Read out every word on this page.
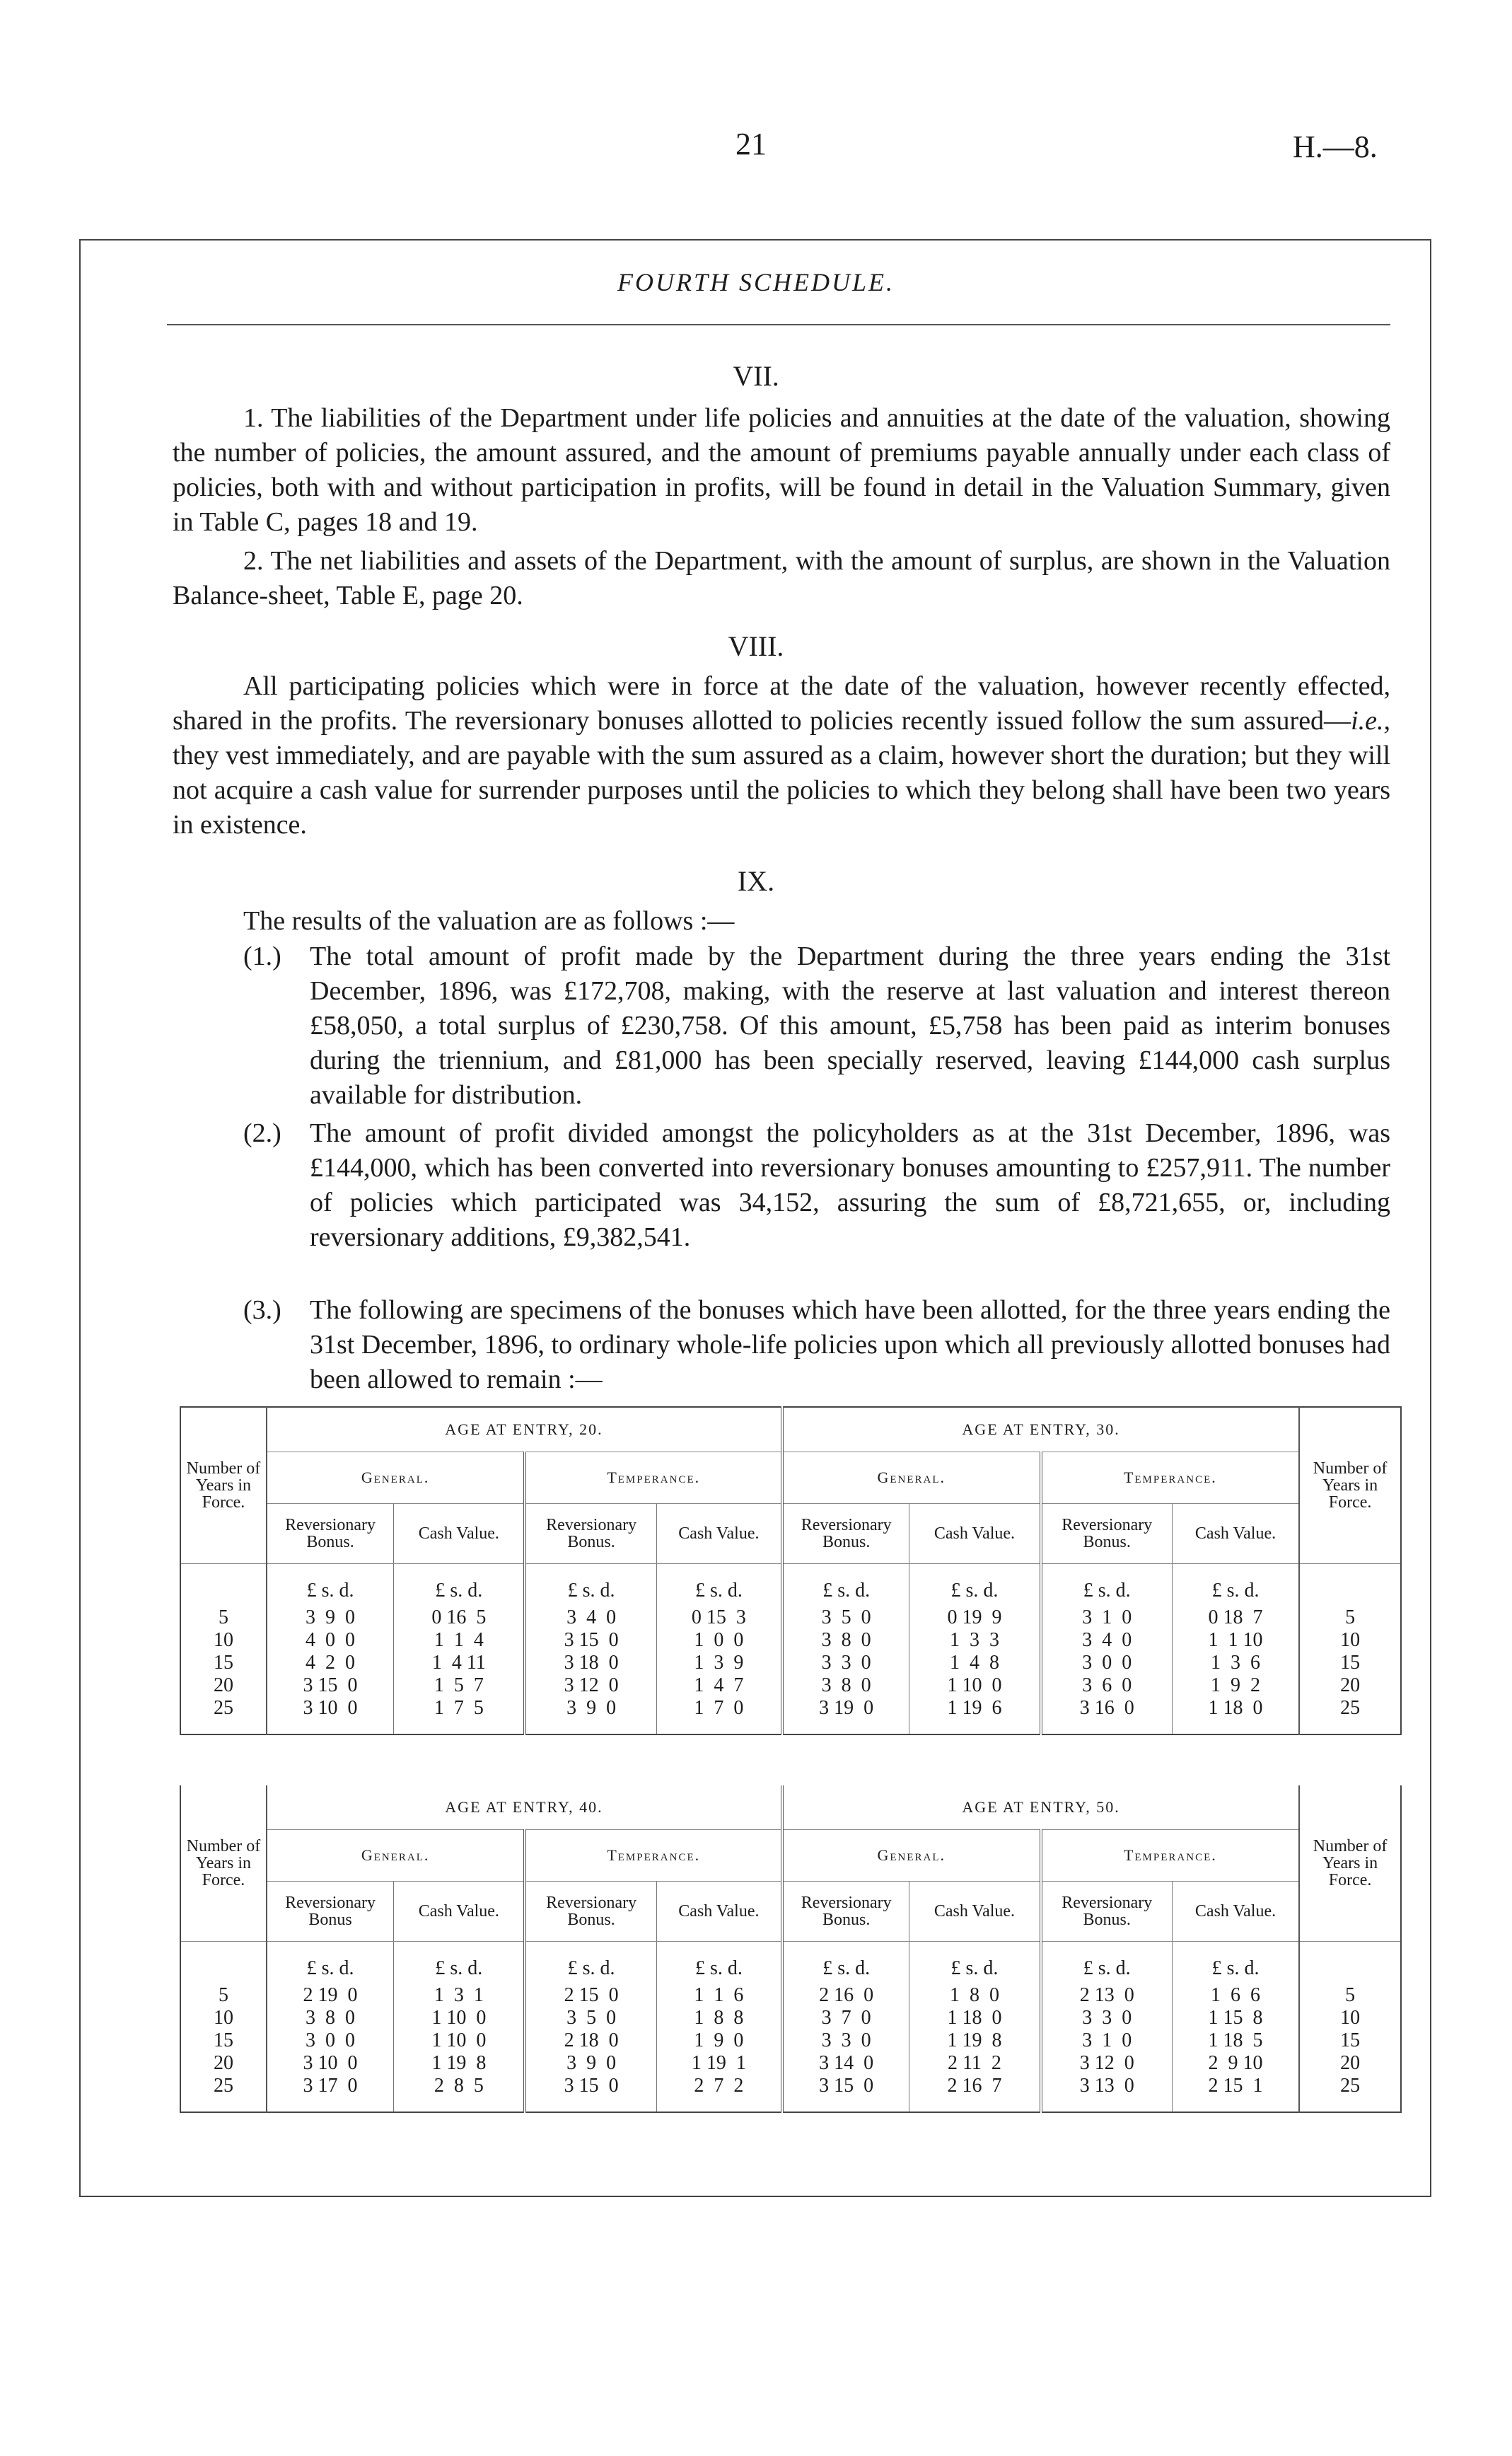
21	H.—8.
FOURTH SCHEDULE.
VII.
1. The liabilities of the Department under life policies and annuities at the date of the valuation, showing the number of policies, the amount assured, and the amount of premiums payable annually under each class of policies, both with and without participation in profits, will be found in detail in the Valuation Summary, given in Table C, pages 18 and 19.
2. The net liabilities and assets of the Department, with the amount of surplus, are shown in the Valuation Balance-sheet, Table E, page 20.
VIII.
All participating policies which were in force at the date of the valuation, however recently effected, shared in the profits. The reversionary bonuses allotted to policies recently issued follow the sum assured—i.e., they vest immediately, and are payable with the sum assured as a claim, however short the duration; but they will not acquire a cash value for surrender purposes until the policies to which they belong shall have been two years in existence.
IX.
The results of the valuation are as follows :—
(1.) The total amount of profit made by the Department during the three years ending the 31st December, 1896, was £172,708, making, with the reserve at last valuation and interest thereon £58,050, a total surplus of £230,758. Of this amount, £5,758 has been paid as interim bonuses during the triennium, and £81,000 has been specially reserved, leaving £144,000 cash surplus available for distribution.
(2.) The amount of profit divided amongst the policyholders as at the 31st December, 1896, was £144,000, which has been converted into reversionary bonuses amounting to £257,911. The number of policies which participated was 34,152, assuring the sum of £8,721,655, or, including reversionary additions, £9,382,541.
(3.) The following are specimens of the bonuses which have been allotted, for the three years ending the 31st December, 1896, to ordinary whole-life policies upon which all previously allotted bonuses had been allowed to remain :—
Number of Years in Force.	AGE AT ENTRY, 20.				AGE AT ENTRY, 30.				Number of Years in Force.
	General.		Temperance.		General.		Temperance.		
	Reversionary Bonus.	Cash Value.	Reversionary Bonus.	Cash Value.	Reversionary Bonus.	Cash Value.	Reversionary Bonus.	Cash Value.	
	£ s. d.	£ s. d.	£ s. d.	£ s. d.	£ s. d.	£ s. d.	£ s. d.	£ s. d.	
5	3  9  0	0 16  5	3  4  0	0 15  3	3  5  0	0 19  9	3  1  0	0 18  7	5
10	4  0  0	1  1  4	3 15  0	1  0  0	3  8  0	1  3  3	3  4  0	1  1 10	10
15	4  2  0	1  4 11	3 18  0	1  3  9	3  3  0	1  4  8	3  0  0	1  3  6	15
20	3 15  0	1  5  7	3 12  0	1  4  7	3  8  0	1 10  0	3  6  0	1  9  2	20
25	3 10  0	1  7  5	3  9  0	1  7  0	3 19  0	1 19  6	3 16  0	1 18  0	25
Number of Years in Force.	AGE AT ENTRY, 40.				AGE AT ENTRY, 50.				Number of Years in Force.
	General.		Temperance.		General.		Temperance.		
	Reversionary Bonus	Cash Value.	Reversionary Bonus.	Cash Value.	Reversionary Bonus.	Cash Value.	Reversionary Bonus.	Cash Value.	
	£ s. d.	£ s. d.	£ s. d.	£ s. d.	£ s. d.	£ s. d.	£ s. d.	£ s. d.	
5	2 19  0	1  3  1	2 15  0	1  1  6	2 16  0	1  8  0	2 13  0	1  6  6	5
10	3  8  0	1 10  0	3  5  0	1  8  8	3  7  0	1 18  0	3  3  0	1 15  8	10
15	3  0  0	1 10  0	2 18  0	1  9  0	3  3  0	1 19  8	3  1  0	1 18  5	15
20	3 10  0	1 19  8	3  9  0	1 19  1	3 14  0	2 11  2	3 12  0	2  9 10	20
25	3 17  0	2  8  5	3 15  0	2  7  2	3 15  0	2 16  7	3 13  0	2 15  1	25
